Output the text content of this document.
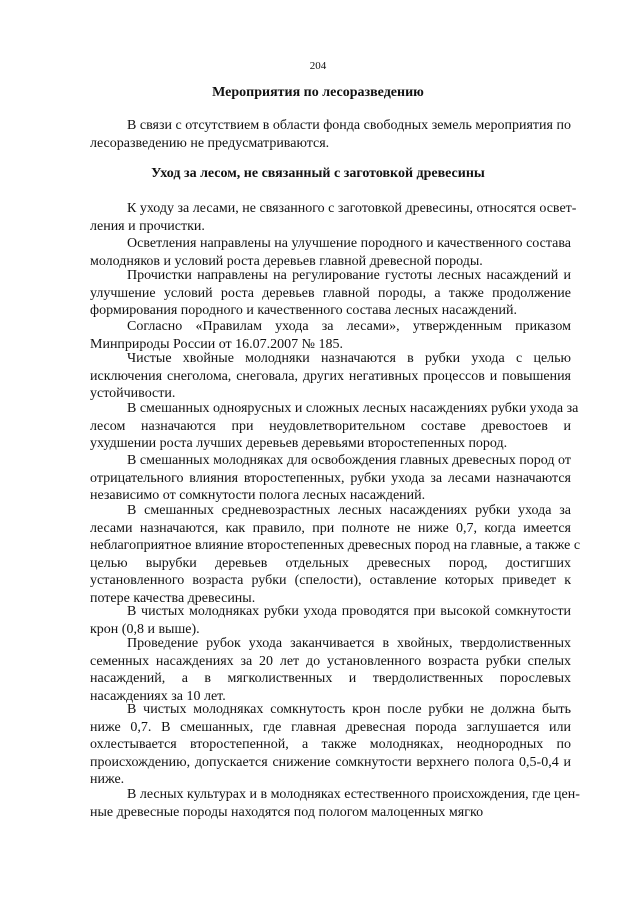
204
Мероприятия по лесоразведению
Уход за лесом, не связанный с заготовкой древесины
В связи с отсутствием в области фонда свободных земель мероприятия по
лесоразведению не предусматриваются.
К уходу за лесами, не связанного с заготовкой древесины, относятся освет-
ления и прочистки.
Осветления направлены на улучшение породного и качественного состава
молодняков и условий роста деревьев главной древесной породы.
Прочистки направлены на регулирование густоты лесных насаждений и
улучшение условий роста деревьев главной породы, а также продолжение
формирования породного и качественного состава лесных насаждений.
Согласно «Правилам ухода за лесами», утвержденным приказом
Минприроды России от 16.07.2007 № 185.
Чистые хвойные молодняки назначаются в рубки ухода с целью
исключения снеголома, снеговала, других негативных процессов и повышения
устойчивости.
В смешанных одноярусных и сложных лесных насаждениях рубки ухода за
лесом назначаются при неудовлетворительном составе древостоев и
ухудшении роста лучших деревьев деревьями второстепенных пород.
В смешанных молодняках для освобождения главных древесных пород от
отрицательного влияния второстепенных, рубки ухода за лесами назначаются
независимо от сомкнутости полога лесных насаждений.
В смешанных средневозрастных лесных насаждениях рубки ухода за
лесами назначаются, как правило, при полноте не ниже 0,7, когда имеется
неблагоприятное влияние второстепенных древесных пород на главные, а также с
целью вырубки деревьев отдельных древесных пород, достигших
установленного возраста рубки (спелости), оставление которых приведет к
потере качества древесины.
В чистых молодняках рубки ухода проводятся при высокой сомкнутости
крон (0,8 и выше).
Проведение рубок ухода заканчивается в хвойных, твердолиственных
семенных насаждениях за 20 лет до установленного возраста рубки спелых
насаждений, а в мягколиственных и твердолиственных порослевых
насаждениях за 10 лет.
В чистых молодняках сомкнутость крон после рубки не должна быть
ниже 0,7. В смешанных, где главная древесная порода заглушается или
охлестывается второстепенной, а также молодняках, неоднородных по
происхождению, допускается снижение сомкнутости верхнего полога 0,5-0,4 и
ниже.
В лесных культурах и в молодняках естественного происхождения, где цен-
ные древесные породы находятся под пологом малоценных мягко
